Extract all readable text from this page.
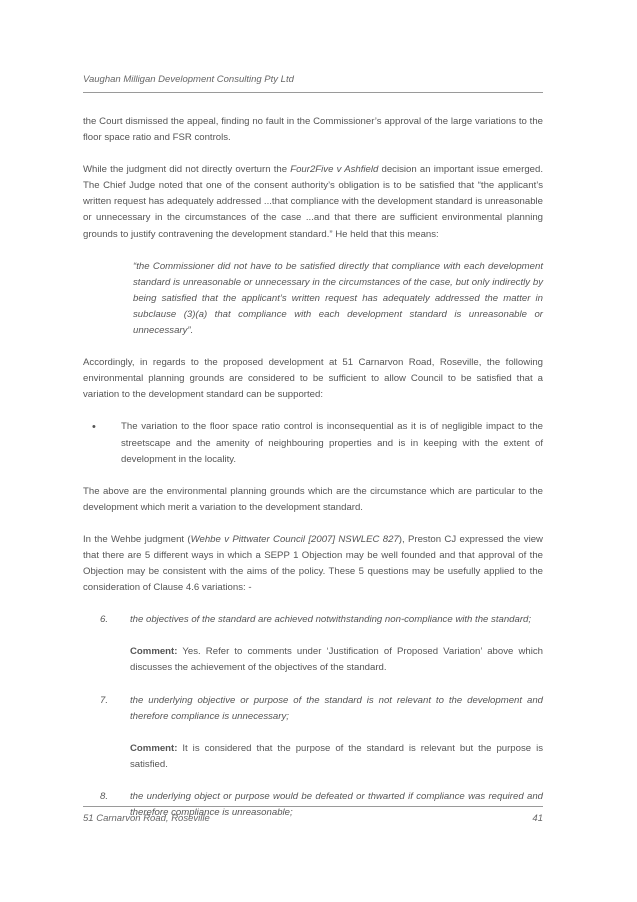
Vaughan Milligan Development Consulting Pty Ltd

the Court dismissed the appeal, finding no fault in the Commissioner’s approval of the large variations to the floor space ratio and FSR controls.

While the judgment did not directly overturn the Four2Five v Ashfield decision an important issue emerged. The Chief Judge noted that one of the consent authority’s obligation is to be satisfied that “the applicant’s written request has adequately addressed ...that compliance with the development standard is unreasonable or unnecessary in the circumstances of the case ...and that there are sufficient environmental planning grounds to justify contravening the development standard.” He held that this means:

“the Commissioner did not have to be satisfied directly that compliance with each development standard is unreasonable or unnecessary in the circumstances of the case, but only indirectly by being satisfied that the applicant’s written request has adequately addressed the matter in subclause (3)(a) that compliance with each development standard is unreasonable or unnecessary”.

Accordingly, in regards to the proposed development at 51 Carnarvon Road, Roseville, the following environmental planning grounds are considered to be sufficient to allow Council to be satisfied that a variation to the development standard can be supported:

•	The variation to the floor space ratio control is inconsequential as it is of negligible impact to the streetscape and the amenity of neighbouring properties and is in keeping with the extent of development in the locality.

The above are the environmental planning grounds which are the circumstance which are particular to the development which merit a variation to the development standard.

In the Wehbe judgment (Wehbe v Pittwater Council [2007] NSWLEC 827), Preston CJ expressed the view that there are 5 different ways in which a SEPP 1 Objection may be well founded and that approval of the Objection may be consistent with the aims of the policy. These 5 questions may be usefully applied to the consideration of Clause 4.6 variations: -

6.	the objectives of the standard are achieved notwithstanding non-compliance with the standard;

Comment: Yes. Refer to comments under ‘Justification of Proposed Variation’ above which discusses the achievement of the objectives of the standard.

7.	the underlying objective or purpose of the standard is not relevant to the development and therefore compliance is unnecessary;

Comment: It is considered that the purpose of the standard is relevant but the purpose is satisfied.

8.	the underlying object or purpose would be defeated or thwarted if compliance was required and therefore compliance is unreasonable;
51 Carnarvon Road, Roseville	41
